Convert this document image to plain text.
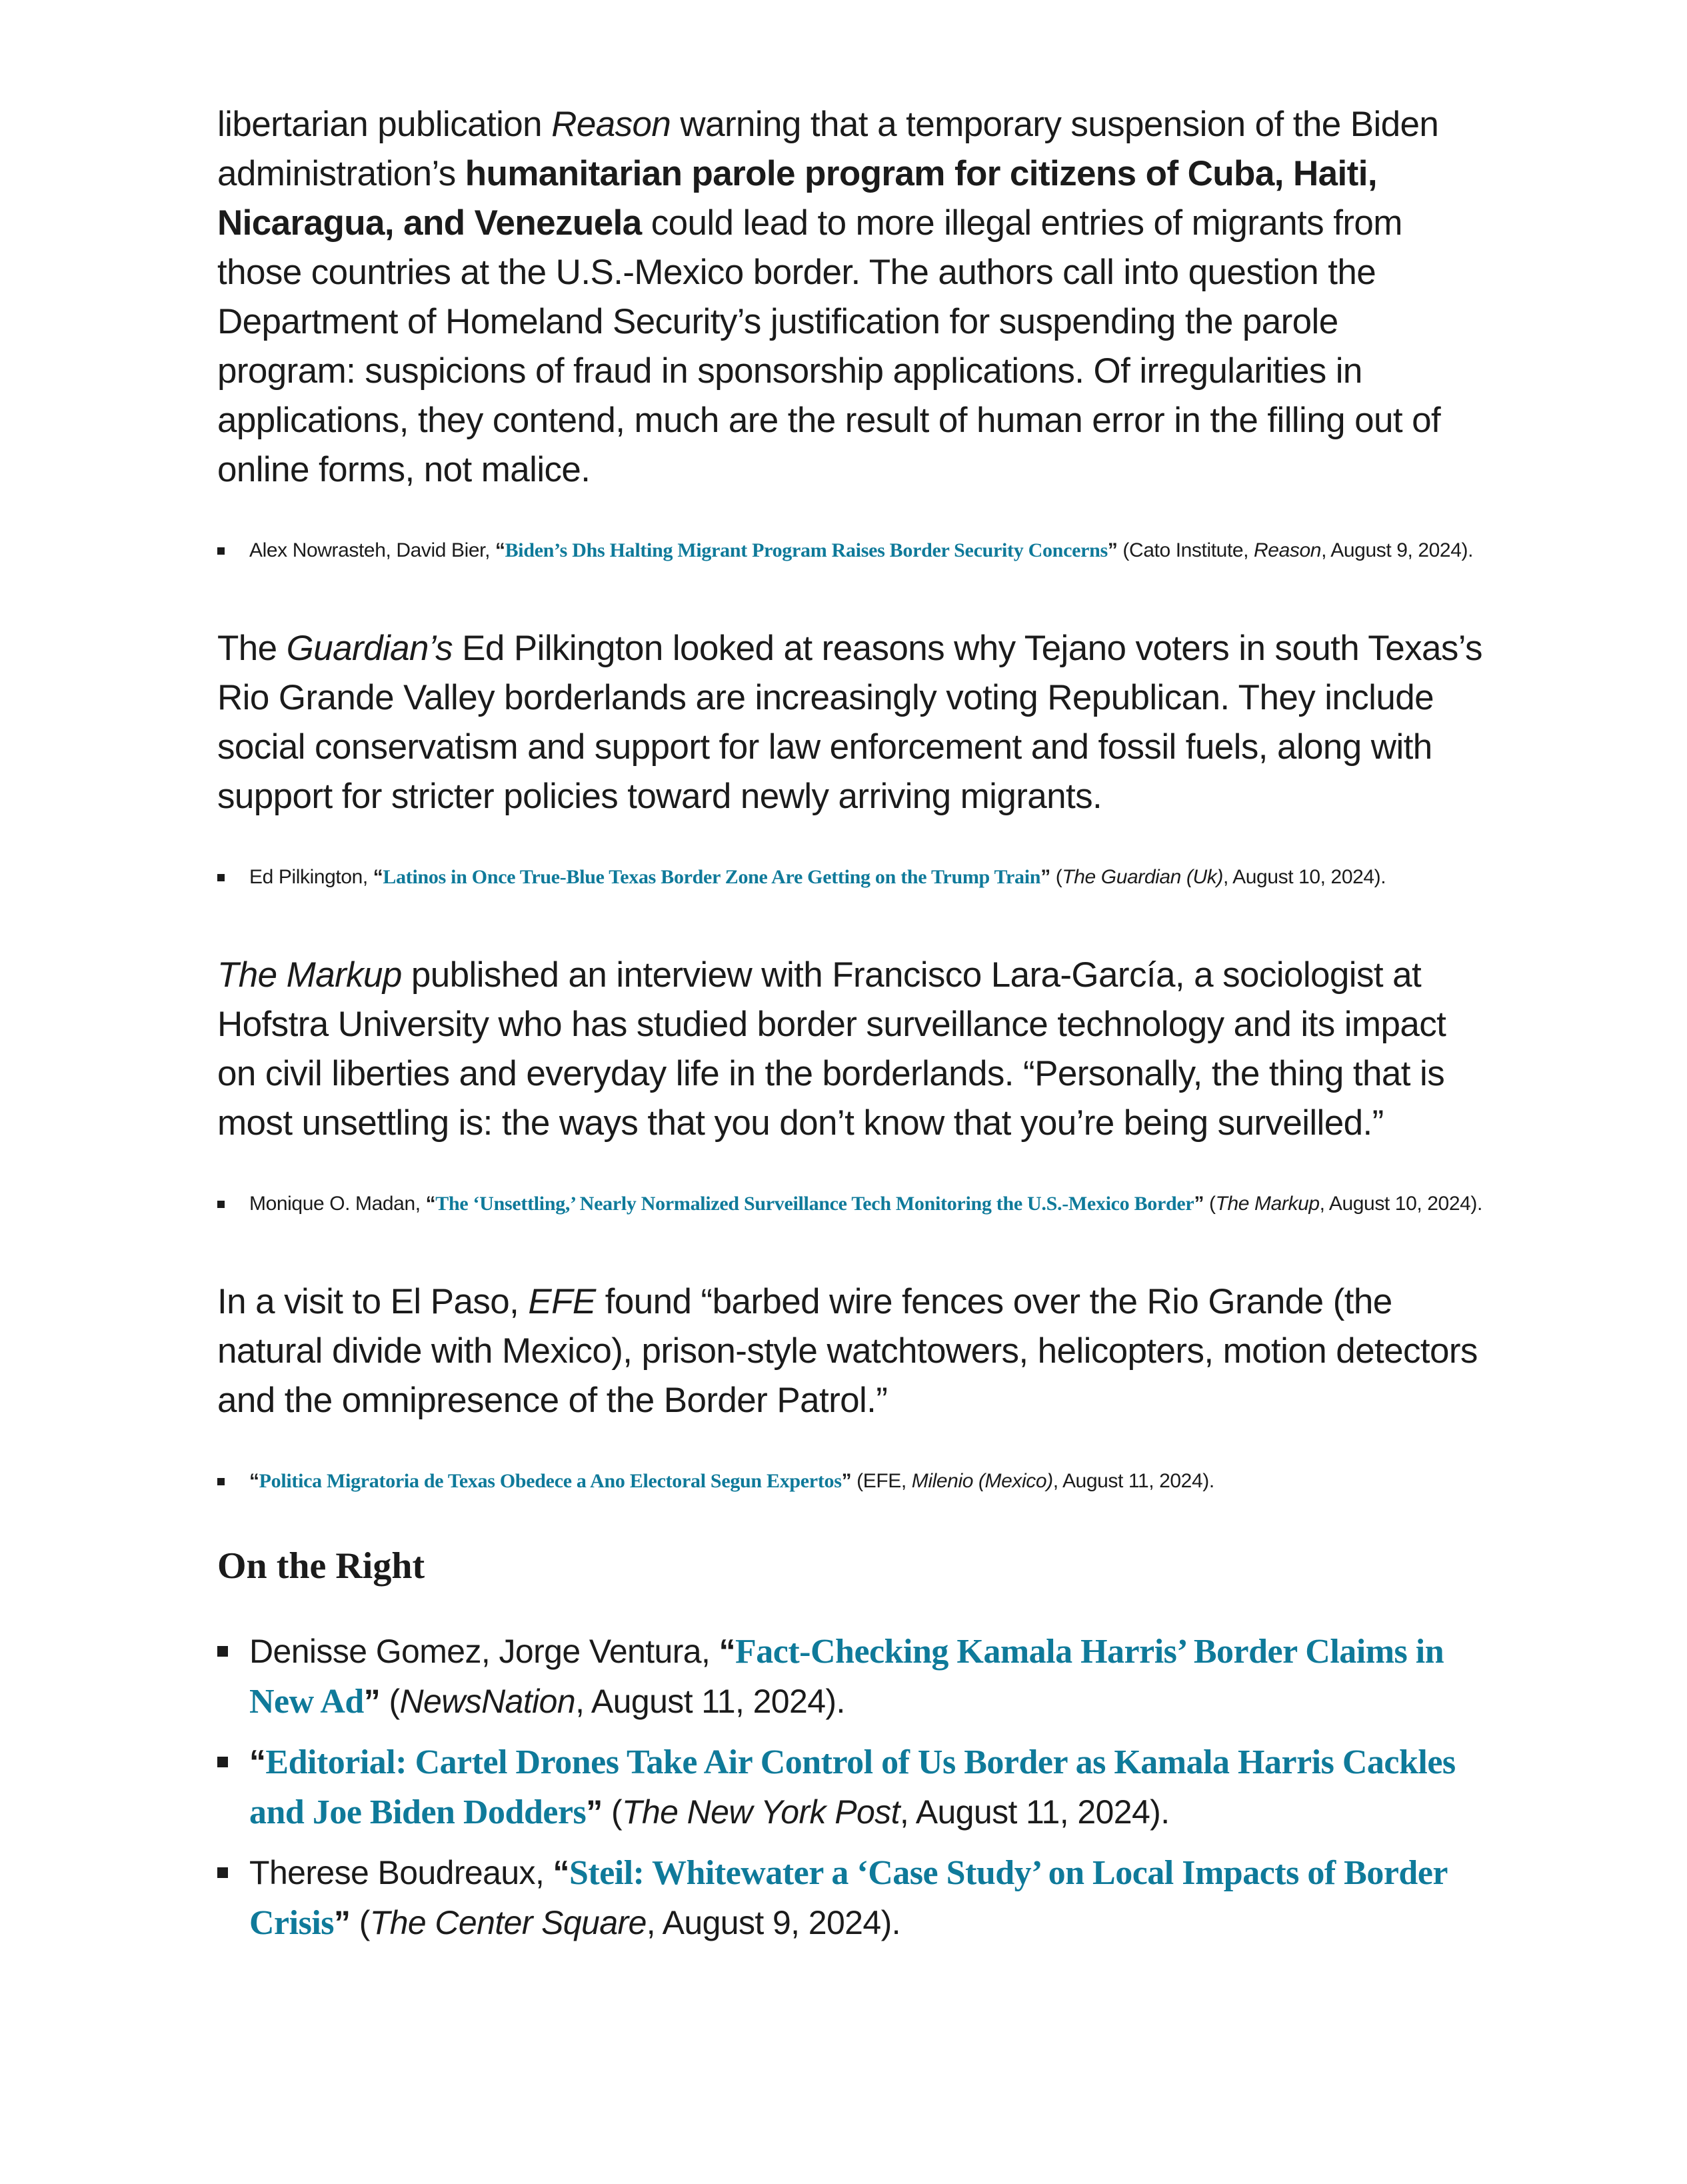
libertarian publication Reason warning that a temporary suspension of the Biden administration’s humanitarian parole program for citizens of Cuba, Haiti, Nicaragua, and Venezuela could lead to more illegal entries of migrants from those countries at the U.S.-Mexico border. The authors call into question the Department of Homeland Security’s justification for suspending the parole program: suspicions of fraud in sponsorship applications. Of irregularities in applications, they contend, much are the result of human error in the filling out of online forms, not malice.

Alex Nowrasteh, David Bier, “Biden’s Dhs Halting Migrant Program Raises Border Security Concerns” (Cato Institute, Reason, August 9, 2024).

The Guardian’s Ed Pilkington looked at reasons why Tejano voters in south Texas’s Rio Grande Valley borderlands are increasingly voting Republican. They include social conservatism and support for law enforcement and fossil fuels, along with support for stricter policies toward newly arriving migrants.

Ed Pilkington, “Latinos in Once True-Blue Texas Border Zone Are Getting on the Trump Train” (The Guardian (Uk), August 10, 2024).

The Markup published an interview with Francisco Lara-García, a sociologist at Hofstra University who has studied border surveillance technology and its impact on civil liberties and everyday life in the borderlands. “Personally, the thing that is most unsettling is: the ways that you don’t know that you’re being surveilled.”

Monique O. Madan, “The ‘Unsettling,’ Nearly Normalized Surveillance Tech Monitoring the U.S.-Mexico Border” (The Markup, August 10, 2024).

In a visit to El Paso, EFE found “barbed wire fences over the Rio Grande (the natural divide with Mexico), prison-style watchtowers, helicopters, motion detectors and the omnipresence of the Border Patrol.”

“Politica Migratoria de Texas Obedece a Ano Electoral Segun Expertos” (EFE, Milenio (Mexico), August 11, 2024).
On the Right
Denisse Gomez, Jorge Ventura, “Fact-Checking Kamala Harris’ Border Claims in New Ad” (NewsNation, August 11, 2024).
“Editorial: Cartel Drones Take Air Control of Us Border as Kamala Harris Cackles and Joe Biden Dodders” (The New York Post, August 11, 2024).
Therese Boudreaux, “Steil: Whitewater a ‘Case Study’ on Local Impacts of Border Crisis” (The Center Square, August 9, 2024).
